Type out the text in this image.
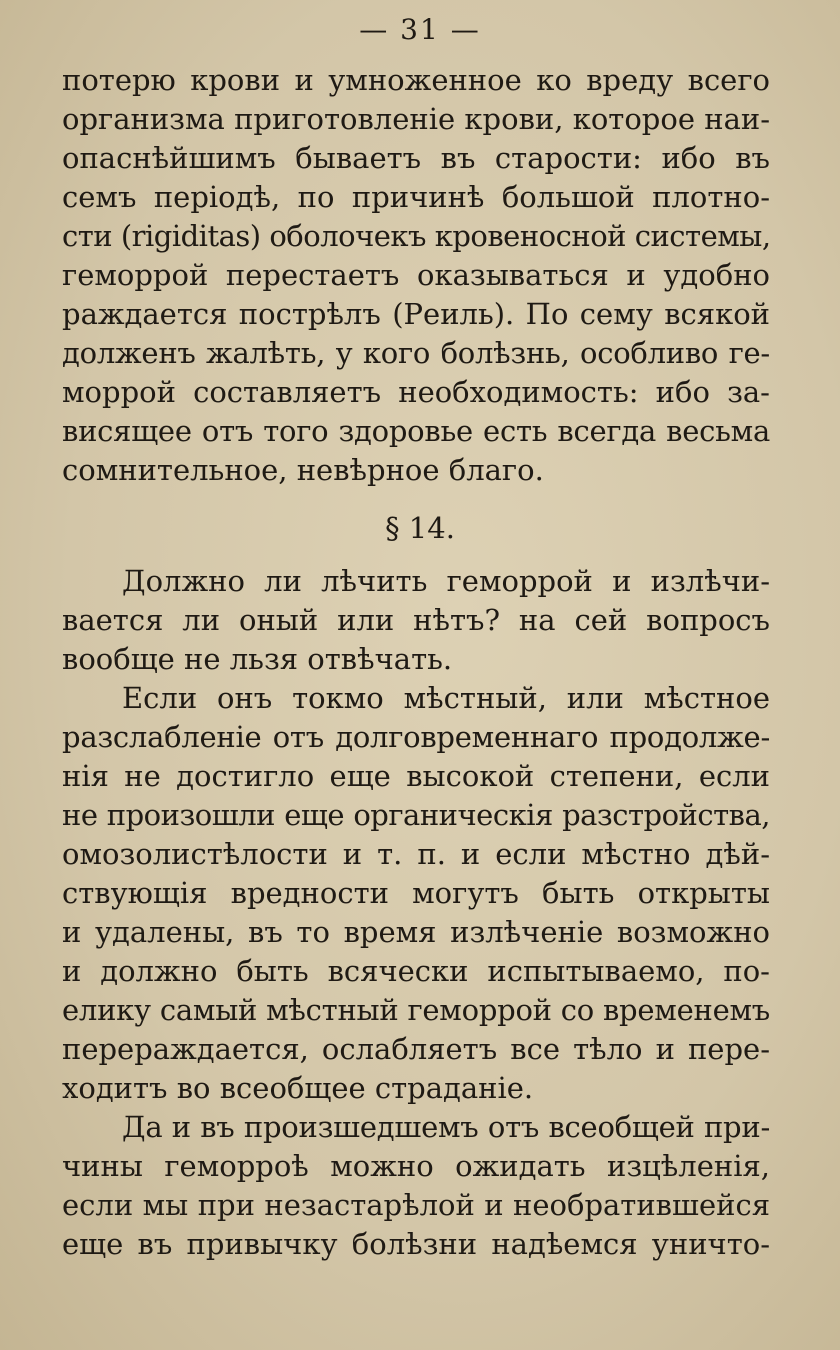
— 31 —
потерю крови и умноженное ко вреду всего
организма приготовленіе крови, которое наи-
опаснѣйшимъ бываетъ въ старости: ибо въ
семъ періодѣ, по причинѣ большой плотно-
сти (rigiditas) оболочекъ кровеносной системы,
геморрой перестаетъ оказываться и удобно
раждается пострѣлъ (Реиль). По сему всякой
долженъ жалѣть, у кого болѣзнь, особливо ге-
моррой составляетъ необходимость: ибо за-
висящее отъ того здоровье есть всегда весьма
сомнительное, невѣрное благо.
§ 14.
Должно ли лѣчить геморрой и излѣчи-
вается ли оный или нѣтъ? на сей вопросъ
вообще не льзя отвѣчать.
Если онъ токмо мѣстный, или мѣстное
разслабленіе отъ долговременнаго продолже-
нія не достигло еще высокой степени, если
не произошли еще органическія разстройства,
омозолистѣлости и т. п. и если мѣстно дѣй-
ствующія вредности могутъ быть открыты
и удалены, въ то время излѣченіе возможно
и должно быть всячески испытываемо, по-
елику самый мѣстный геморрой со временемъ
перераждается, ослабляетъ все тѣло и пере-
ходитъ во всеобщее страданіе.
Да и въ произшедшемъ отъ всеобщей при-
чины геморроѣ можно ожидать изцѣленія,
если мы при незастарѣлой и необратившейся
еще въ привычку болѣзни надѣемся уничто-
